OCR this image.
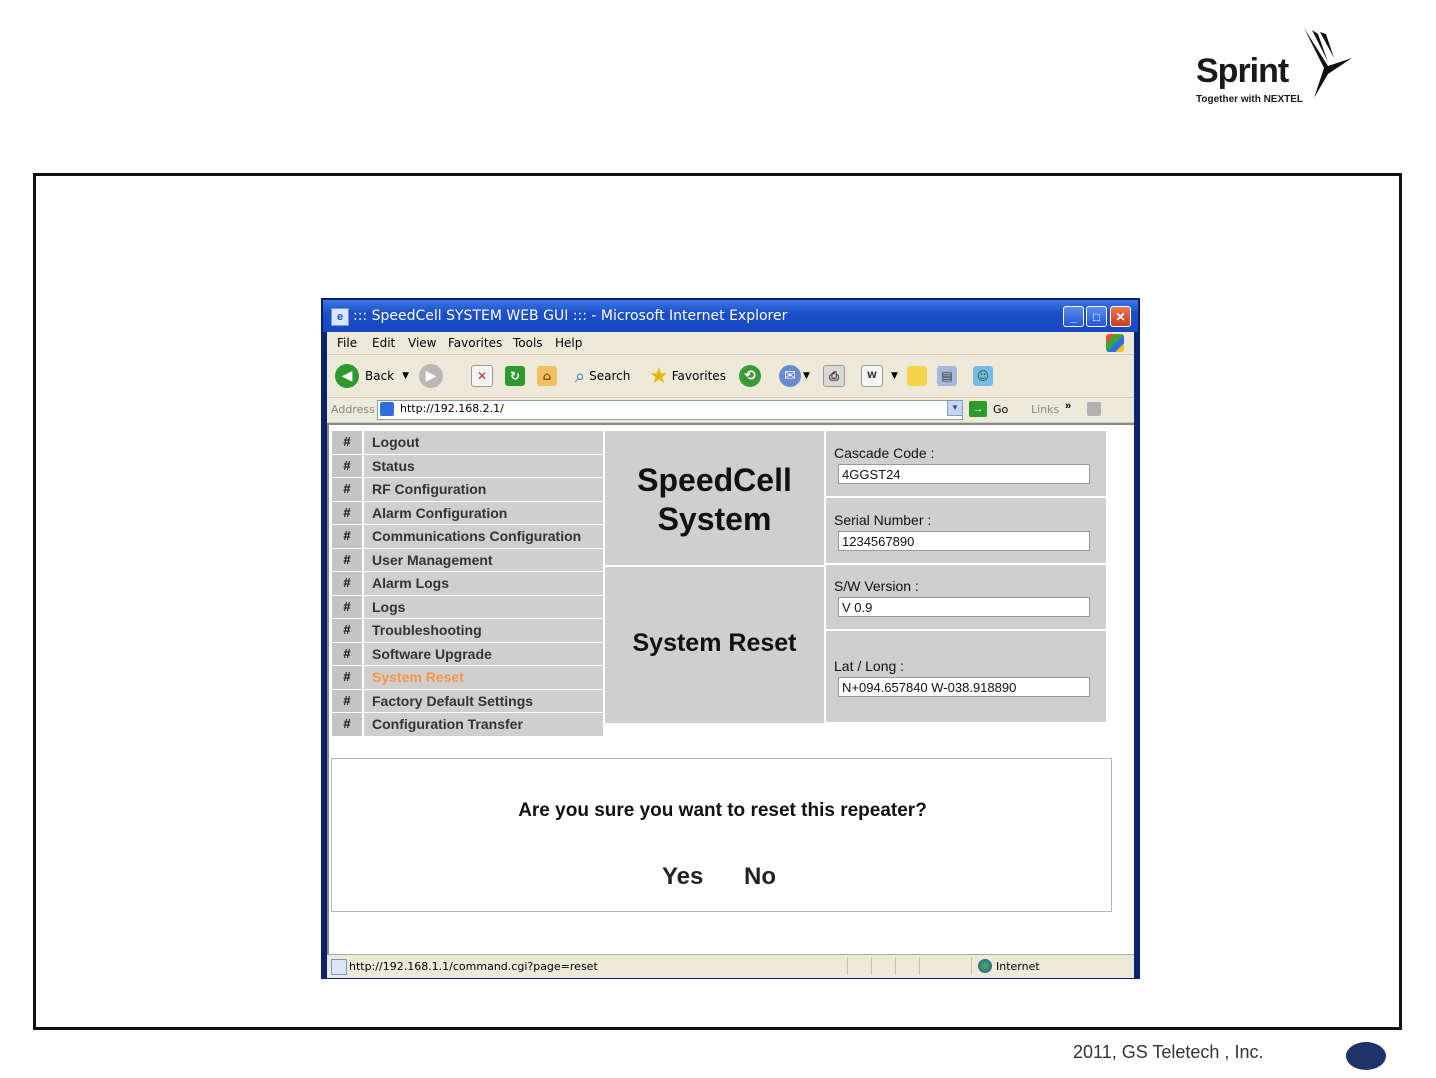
Sprint
Together with NEXTEL
e ::: SpeedCell SYSTEM WEB GUI ::: - Microsoft Internet Explorer	_	□	✕
File Edit View Favorites Tools Help
◀	Back ▼	▶	✕	↻	⌂	⌕ Search ★ Favorites	⟲	✉ ▼	⎙	W	▼	▤	☺
Address http://192.168.2.1/	▼	→ Go Links »
#	Logout
#	Status
#	RF Configuration
#	Alarm Configuration
#	Communications Configuration
#	User Management
#	Alarm Logs
#	Logs
#	Troubleshooting
#	Software Upgrade
#	System Reset
#	Factory Default Settings
#	Configuration Transfer
SpeedCell
System
System Reset
Cascade Code :
4GGST24
Serial Number :
1234567890
S/W Version :
V 0.9
Lat / Long :
N+094.657840 W-038.918890
Are you sure you want to reset this repeater?
Yes No
http://192.168.1.1/command.cgi?page=reset	Internet
2011, GS Teletech , Inc.
